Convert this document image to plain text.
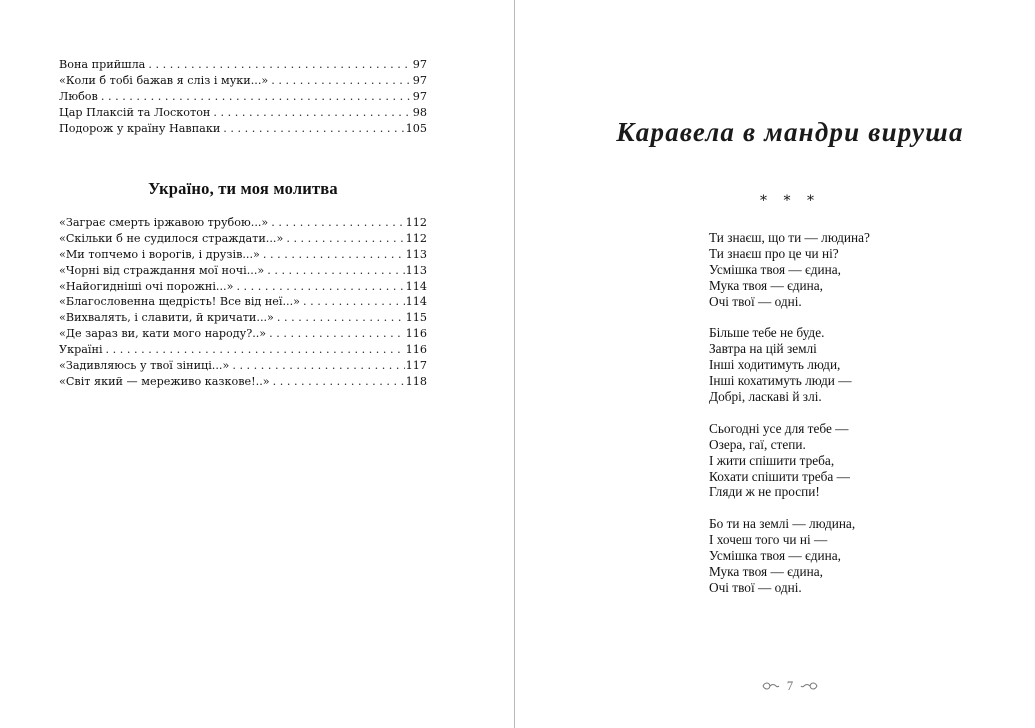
Вона прийшла . . .	97
«Коли б тобі бажав я сліз і муки...» . . .	97
Любов . . .	97
Цар Плаксій та Лоскотон . . .	98
Подорож у країну Навпаки . . .	105
Україно, ти моя молитва
«Заграє смерть іржавою трубою...» . . .	112
«Скільки б не судилося страждати...» . . .	112
«Ми топчемо і ворогів, і друзів...» . . .	113
«Чорні від страждання мої ночі...» . . .	113
«Найогидніші очі порожні...» . . .	114
«Благословенна щедрість! Все від неї...» . . .	114
«Вихвалять, і славити, й кричати...» . . .	115
«Де зараз ви, кати мого народу?..» . . .	116
Україні . . .	116
«Задивляюсь у твої зіниці...» . . .	117
«Світ який — мереживо казкове!..» . . .	118
Каравела в мандри вируша
* * *
Ти знаєш, що ти — людина?
Ти знаєш про це чи ні?
Усмішка твоя — єдина,
Мука твоя — єдина,
Очі твої — одні.
Більше тебе не буде.
Завтра на цій землі
Інші ходитимуть люди,
Інші кохатимуть люди —
Добрі, ласкаві й злі.
Сьогодні усе для тебе —
Озера, гаї, степи.
І жити спішити треба,
Кохати спішити треба —
Гляди ж не проспи!
Бо ти на землі — людина,
І хочеш того чи ні —
Усмішка твоя — єдина,
Мука твоя — єдина,
Очі твої — одні.
7
